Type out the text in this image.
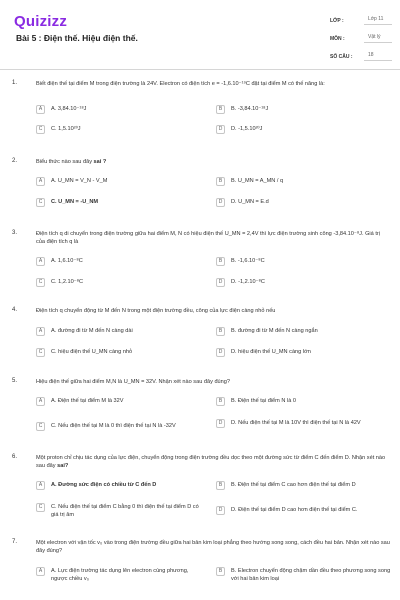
Quizizz
Bài 5 : Điện thế. Hiệu điện thế.
LỚP :	Lớp 11
MÔN :	Vật lý
SỐ CÂU :	18
1.	Biết điện thế tại điểm M trong điện trường là 24V. Electron có điện tích e = -1,6.10⁻¹⁹C đặt tại điểm M có thế năng là:
A	A. 3,84.10⁻¹⁸J	B	B. -3,84.10⁻¹⁸J
C	C. 1,5.10²⁰J	D	D. -1,5.10²⁰J
2.	Biểu thức nào sau đây sai ?
A	A. U_MN = V_N - V_M	B	B. U_MN = A_MN / q
C	C. U_MN = -U_NM	D	D. U_MN = E.d
3.	Điện tích q di chuyển trong điện trường giữa hai điểm M, N có hiệu điện thế U_MN = 2,4V thì lực điện trường sinh công -3,84.10⁻⁸J. Giá trị của điện tích q là
A	A. 1,6.10⁻⁸C	B	B. -1,6.10⁻⁸C
C	C. 1,2.10⁻⁸C	D	D. -1,2.10⁻⁸C
4.	Điện tích q chuyển động từ M đến N trong một điện trường đều, công của lực điện càng nhỏ nếu
A	A. đường đi từ M đến N càng dài	B	B. đường đi từ M đến N càng ngắn
C	C. hiệu điện thế U_MN càng nhỏ	D	D. hiệu điện thế U_MN càng lớn
5.	Hiệu điện thế giữa hai điểm M,N là U_MN = 32V. Nhận xét nào sau đây đúng?
A	A. Điện thế tại điểm M là 32V	B	B. Điện thế tại điểm N là 0
C	C. Nếu điện thế tại M là 0 thì điện thế tại N là -32V
D	D. Nếu điện thế tại M là 10V thì điện thế tại N là 42V
6.	Một proton chỉ chịu tác dụng của lực điện, chuyển động trong điện trường đều dọc theo một đường sức từ điểm C đến điểm D. Nhận xét nào sau đây sai?
A	A. Đường sức điện có chiều từ C đến D	B	B. Điện thế tại điểm C cao hơn điện thế tại điểm D
C	C. Nếu điện thế tại điểm C bằng 0 thì điện thế tại điểm D có giá trị âm
D	D. Điện thế tại điểm D cao hơn điện thế tại điểm C.
7.	Một electron với vận tốc v₀ vào trong điện trường đều giữa hai bản kim loại phẳng theo hướng song song, cách đều hai bản. Nhận xét nào sau đây đúng?
A	A. Lực điện trường tác dụng lên electron cùng phương, ngược chiều v₀
B	B. Electron chuyển động chậm dần đều theo phương song song với hai bản kim loại
